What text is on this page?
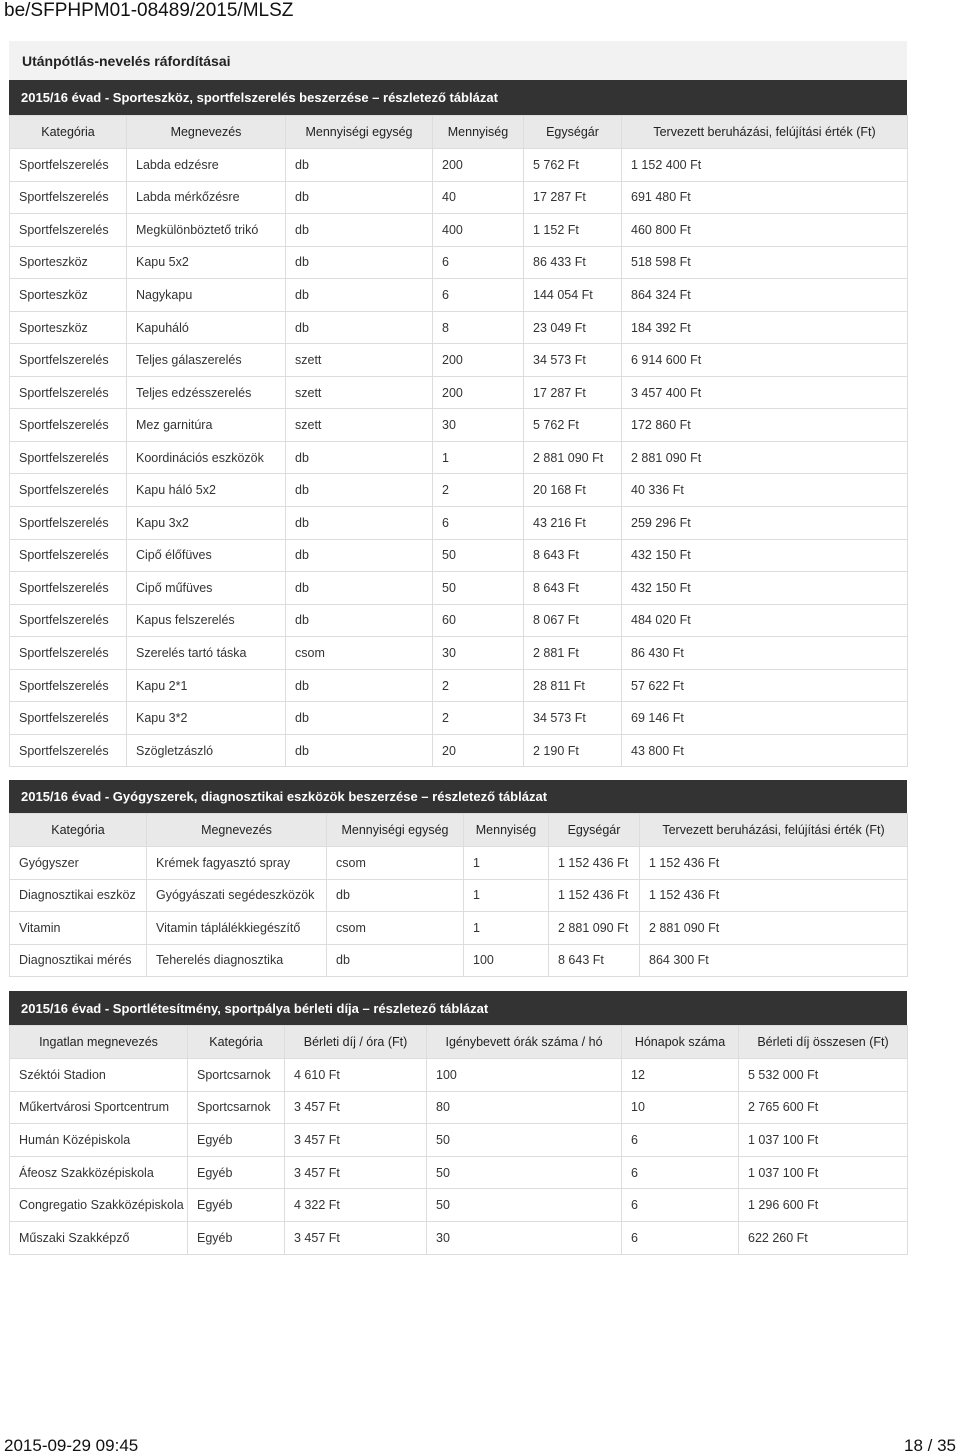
be/SFPHPM01-08489/2015/MLSZ
Utánpótlás-nevelés ráfordításai
2015/16 évad - Sporteszköz, sportfelszerelés beszerzése – részletező táblázat
Kategória	Megnevezés	Mennyiségi egység	Mennyiség	Egységár	Tervezett beruházási, felújítási érték (Ft)
Sportfelszerelés	Labda edzésre	db	200	5 762 Ft	1 152 400 Ft
Sportfelszerelés	Labda mérkőzésre	db	40	17 287 Ft	691 480 Ft
Sportfelszerelés	Megkülönböztető trikó	db	400	1 152 Ft	460 800 Ft
Sporteszköz	Kapu 5x2	db	6	86 433 Ft	518 598 Ft
Sporteszköz	Nagykapu	db	6	144 054 Ft	864 324 Ft
Sporteszköz	Kapuháló	db	8	23 049 Ft	184 392 Ft
Sportfelszerelés	Teljes gálaszerelés	szett	200	34 573 Ft	6 914 600 Ft
Sportfelszerelés	Teljes edzésszerelés	szett	200	17 287 Ft	3 457 400 Ft
Sportfelszerelés	Mez garnitúra	szett	30	5 762 Ft	172 860 Ft
Sportfelszerelés	Koordinációs eszközök	db	1	2 881 090 Ft	2 881 090 Ft
Sportfelszerelés	Kapu háló 5x2	db	2	20 168 Ft	40 336 Ft
Sportfelszerelés	Kapu 3x2	db	6	43 216 Ft	259 296 Ft
Sportfelszerelés	Cipő élőfüves	db	50	8 643 Ft	432 150 Ft
Sportfelszerelés	Cipő műfüves	db	50	8 643 Ft	432 150 Ft
Sportfelszerelés	Kapus felszerelés	db	60	8 067 Ft	484 020 Ft
Sportfelszerelés	Szerelés tartó táska	csom	30	2 881 Ft	86 430 Ft
Sportfelszerelés	Kapu 2*1	db	2	28 811 Ft	57 622 Ft
Sportfelszerelés	Kapu 3*2	db	2	34 573 Ft	69 146 Ft
Sportfelszerelés	Szögletzászló	db	20	2 190 Ft	43 800 Ft
2015/16 évad - Gyógyszerek, diagnosztikai eszközök beszerzése – részletező táblázat
Kategória	Megnevezés	Mennyiségi egység	Mennyiség	Egységár	Tervezett beruházási, felújítási érték (Ft)
Gyógyszer	Krémek fagyasztó spray	csom	1	1 152 436 Ft	1 152 436 Ft
Diagnosztikai eszköz	Gyógyászati segédeszközök	db	1	1 152 436 Ft	1 152 436 Ft
Vitamin	Vitamin táplálékkiegészítő	csom	1	2 881 090 Ft	2 881 090 Ft
Diagnosztikai mérés	Teherelés diagnosztika	db	100	8 643 Ft	864 300 Ft
2015/16 évad - Sportlétesítmény, sportpálya bérleti díja – részletező táblázat
Ingatlan megnevezés	Kategória	Bérleti díj / óra (Ft)	Igénybevett órák száma / hó	Hónapok száma	Bérleti díj összesen (Ft)
Széktói Stadion	Sportcsarnok	4 610 Ft	100	12	5 532 000 Ft
Műkertvárosi Sportcentrum	Sportcsarnok	3 457 Ft	80	10	2 765 600 Ft
Humán Középiskola	Egyéb	3 457 Ft	50	6	1 037 100 Ft
Áfeosz Szakközépiskola	Egyéb	3 457 Ft	50	6	1 037 100 Ft
Congregatio Szakközépiskola	Egyéb	4 322 Ft	50	6	1 296 600 Ft
Műszaki Szakképző	Egyéb	3 457 Ft	30	6	622 260 Ft
2015-09-29 09:45	18 / 35
